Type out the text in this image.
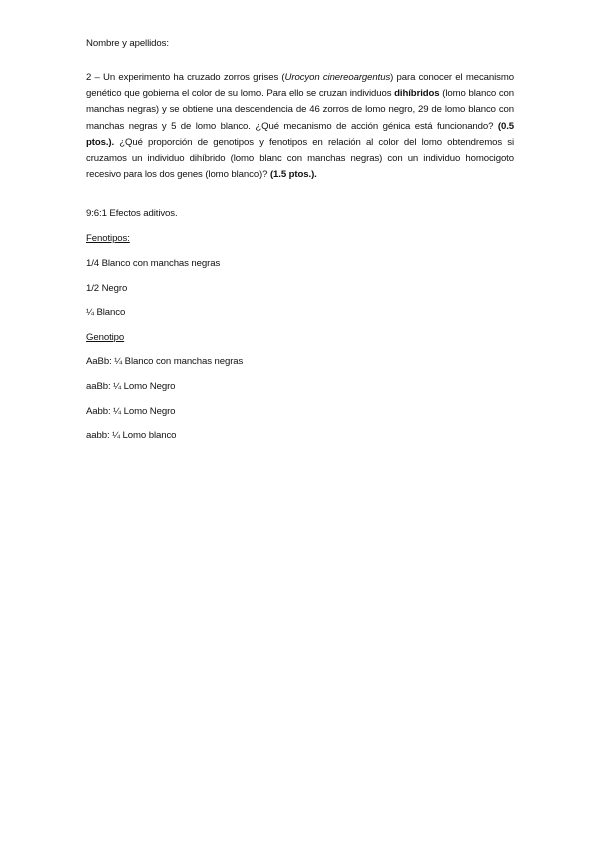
Nombre y apellidos:
2 – Un experimento ha cruzado zorros grises (Urocyon cinereoargentus) para conocer el mecanismo genético que gobierna el color de su lomo. Para ello se cruzan individuos dihíbridos (lomo blanco con manchas negras) y se obtiene una descendencia de 46 zorros de lomo negro, 29 de lomo blanco con manchas negras y 5 de lomo blanco. ¿Qué mecanismo de acción génica está funcionando? (0.5 ptos.). ¿Qué proporción de genotipos y fenotipos en relación al color del lomo obtendremos si cruzamos un individuo dihíbrido (lomo blanc con manchas negras) con un individuo homocigoto recesivo para los dos genes (lomo blanco)? (1.5 ptos.).
9:6:1 Efectos aditivos.
Fenotipos:
1/4 Blanco con manchas negras
1/2 Negro
¼ Blanco
Genotipo
AaBb: ¼ Blanco con manchas negras
aaBb: ¼ Lomo Negro
Aabb: ¼ Lomo Negro
aabb: ¼ Lomo blanco
